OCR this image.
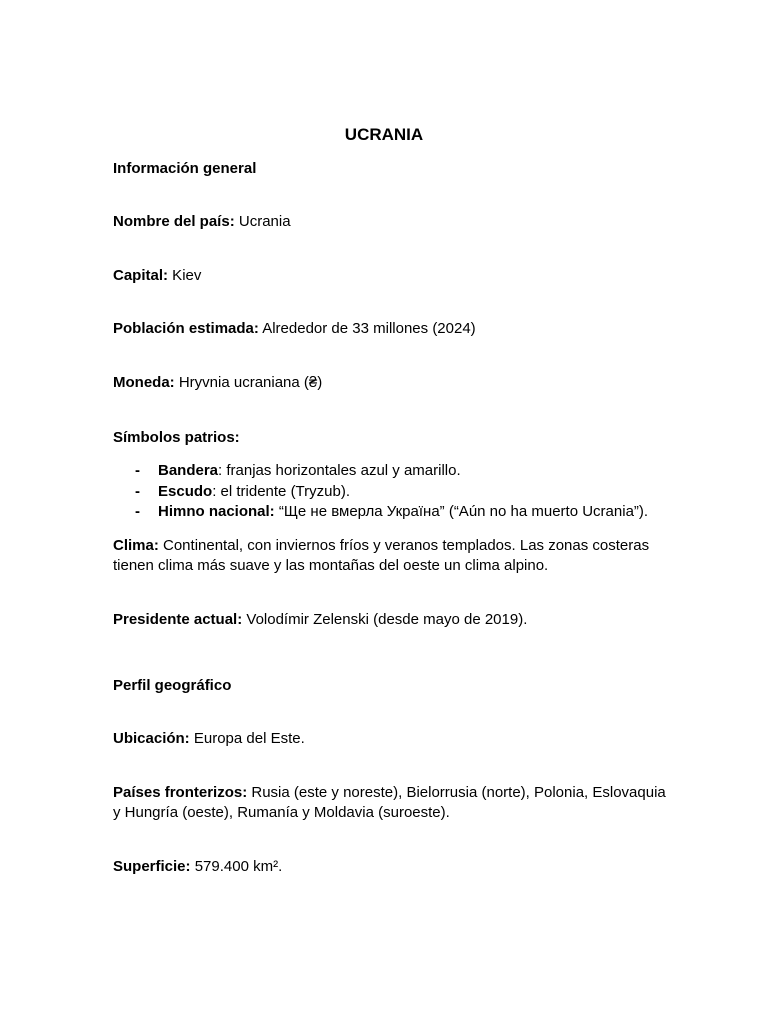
UCRANIA
Información general
Nombre del país: Ucrania
Capital: Kiev
Población estimada: Alrededor de 33 millones (2024)
Moneda: Hryvnia ucraniana (₴)
Símbolos patrios:
- Bandera: franjas horizontales azul y amarillo.
- Escudo: el tridente (Tryzub).
- Himno nacional: “Ще не вмерла Україна” (“Aún no ha muerto Ucrania”).
Clima: Continental, con inviernos fríos y veranos templados. Las zonas costeras tienen clima más suave y las montañas del oeste un clima alpino.
Presidente actual: Volodímir Zelenski (desde mayo de 2019).
Perfil geográfico
Ubicación: Europa del Este.
Países fronterizos: Rusia (este y noreste), Bielorrusia (norte), Polonia, Eslovaquia y Hungría (oeste), Rumanía y Moldavia (suroeste).
Superficie: 579.400 km².
